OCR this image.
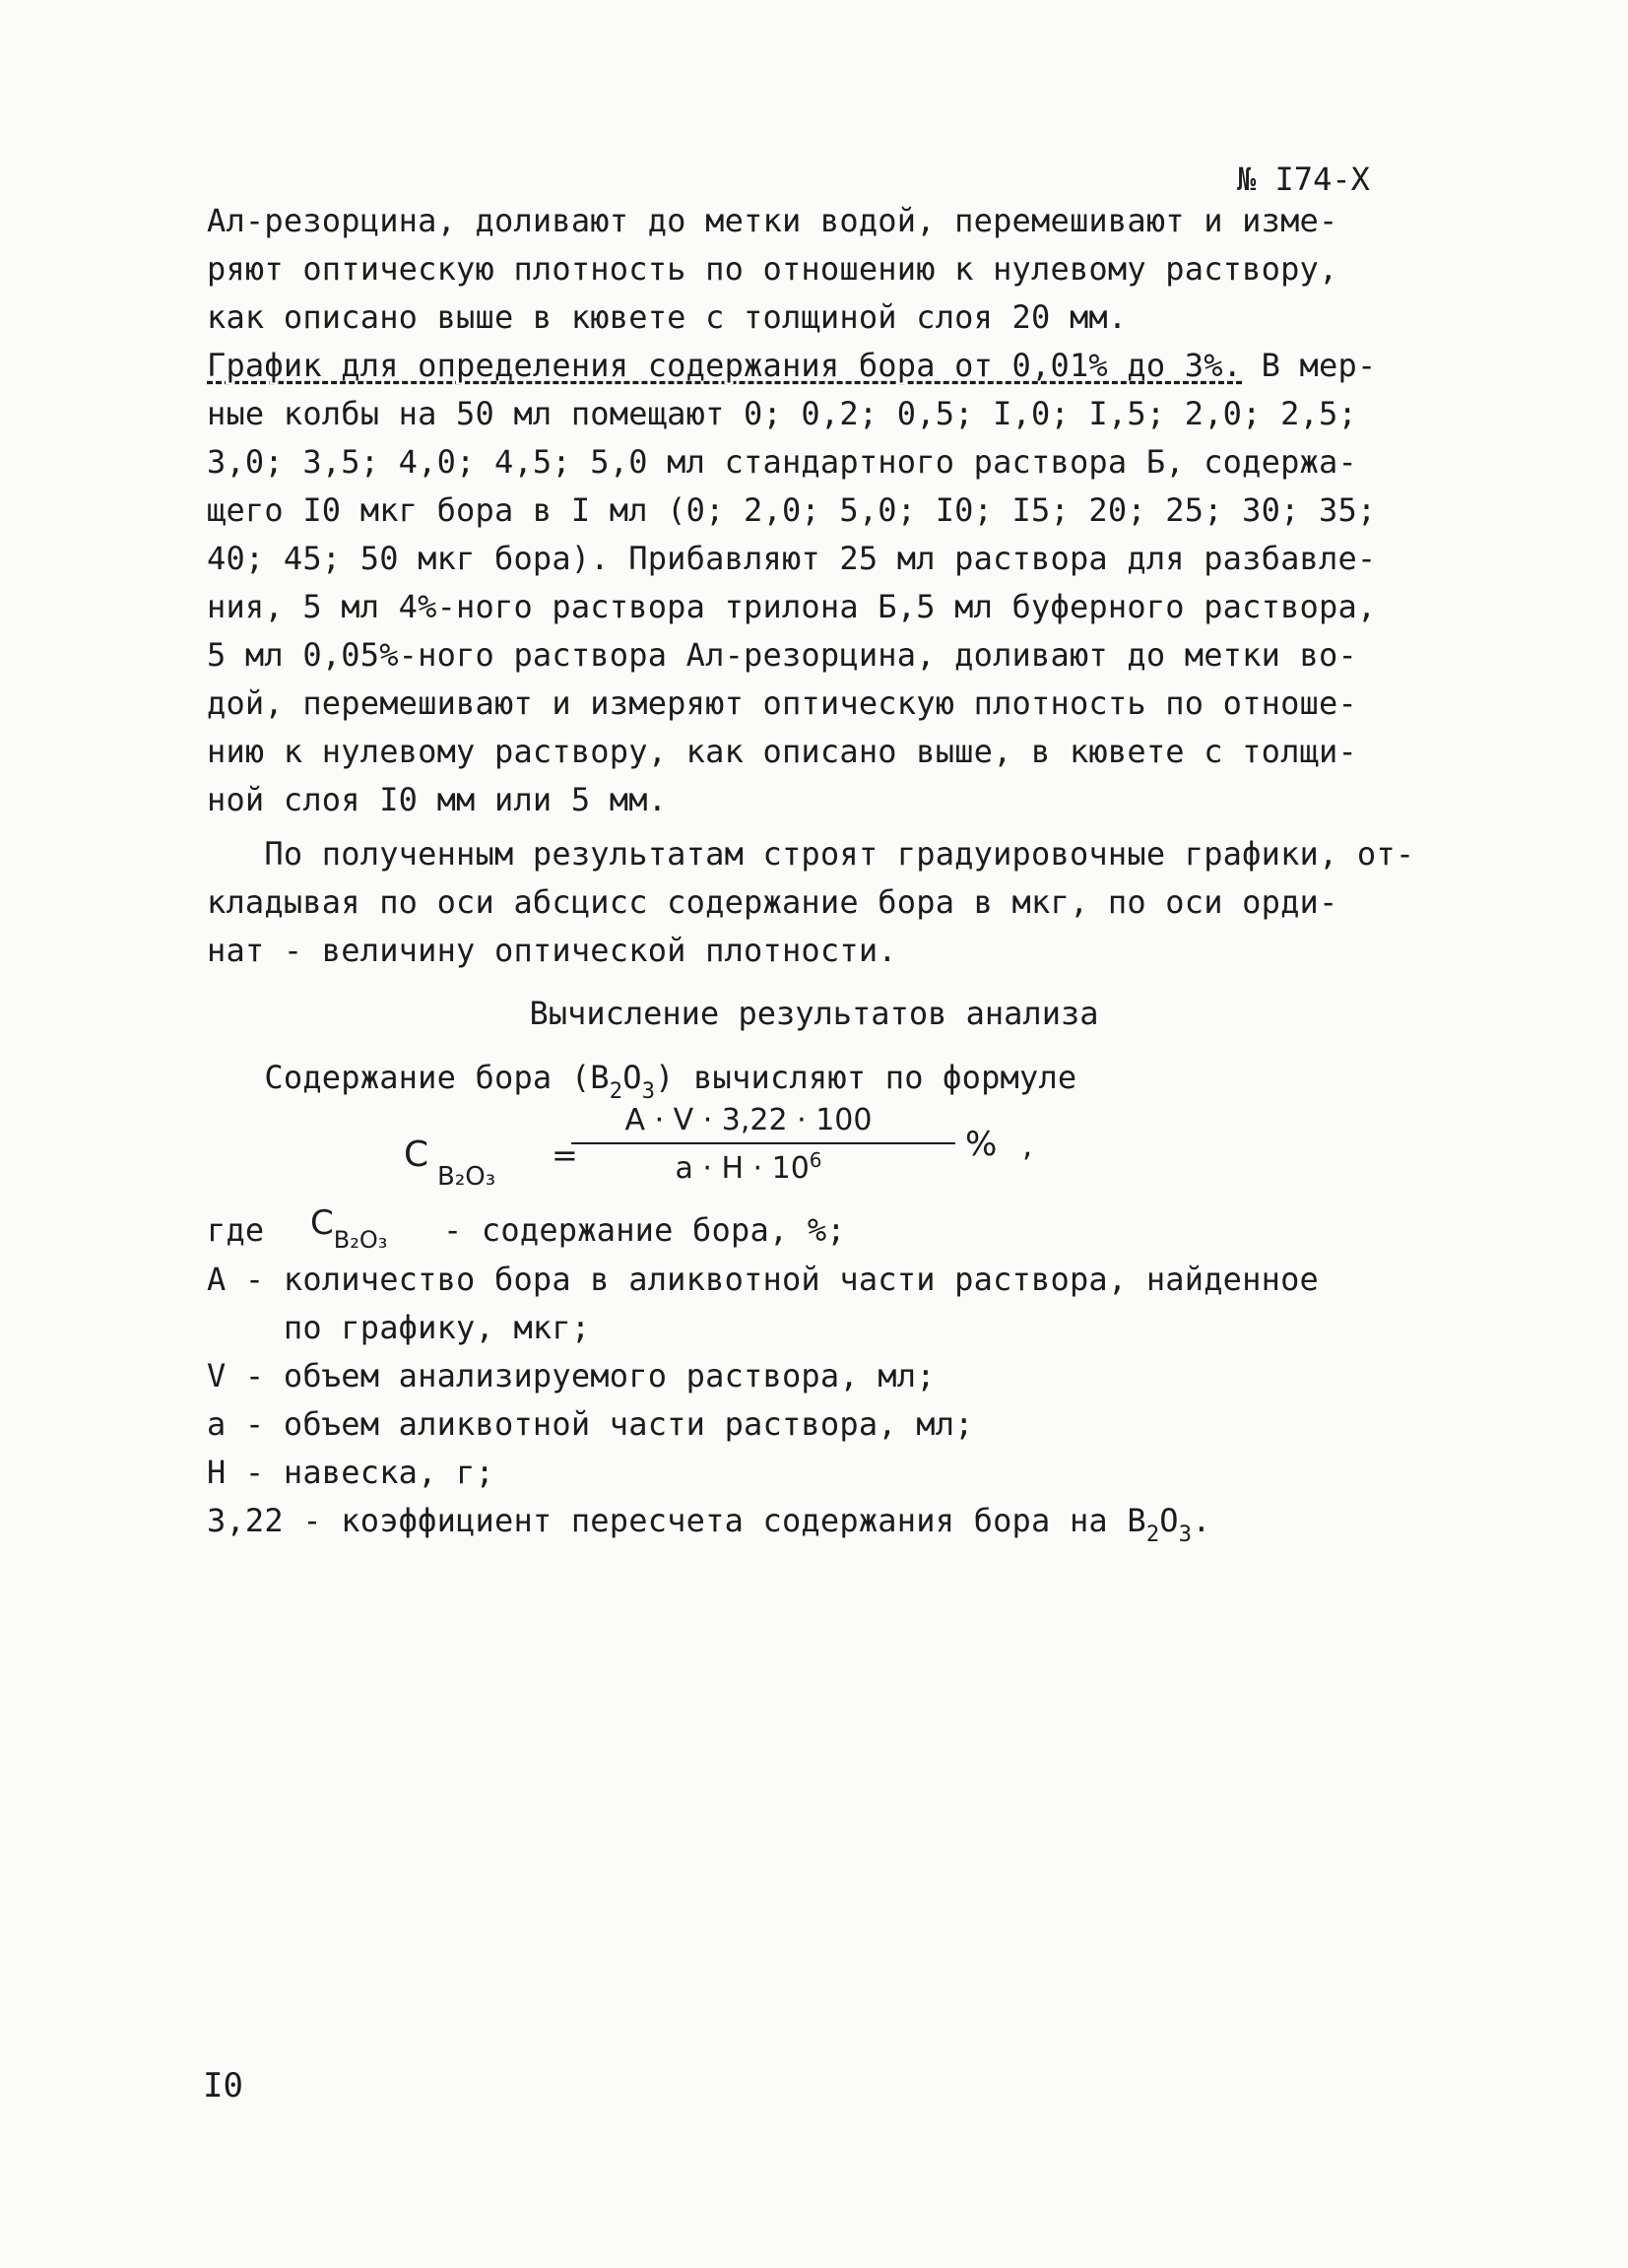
№ I74-X
Ал-резорцина, доливают до метки водой, перемешивают и изме-
ряют оптическую плотность по отношению к нулевому раствору,
как описано выше в кювете с толщиной слоя 20 мм.
График для определения содержания бора от 0,01% до 3%. В мер-
ные колбы на 50 мл помещают 0; 0,2; 0,5; I,0; I,5; 2,0; 2,5;
3,0; 3,5; 4,0; 4,5; 5,0 мл стандартного раствора Б, содержа-
щего I0 мкг бора в I мл (0; 2,0; 5,0; I0; I5; 20; 25; 30; 35;
40; 45; 50 мкг бора). Прибавляют 25 мл раствора для разбавле-
ния, 5 мл 4%-ного раствора трилона Б,5 мл буферного раствора,
5 мл 0,05%-ного раствора Ал-резорцина, доливают до метки во-
дой, перемешивают и измеряют оптическую плотность по отноше-
нию к нулевому раствору, как описано выше, в кювете с толщи-
ной слоя I0 мм или 5 мм.
По полученным результатам строят градуировочные графики, от-
кладывая по оси абсцисс содержание бора в мкг, по оси орди-
нат - величину оптической плотности.
Вычисление результатов анализа
Содержание бора $(B_2O_3)$ вычисляют по формуле
C
B₂O₃
=
A · V · 3,22 · 100
$a \cdot H \cdot 10^6$	% ,
где $C_{B_2O_3}$ - содержание бора, %;
А - количество бора в аликвотной части раствора, найденное
по графику, мкг;
V - объем анализируемого раствора, мл;
a - объем аликвотной части раствора, мл;
H - навеска, г;
3,22 - коэффициент пересчета содержания бора на $B_2O_3$.
I0
